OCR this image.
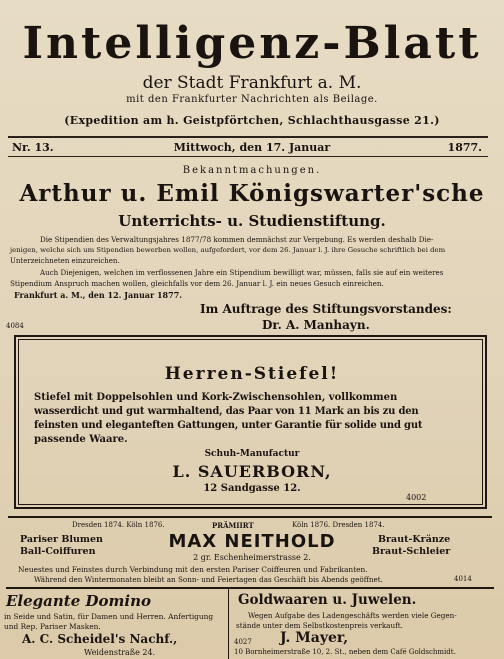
Intelligenz-Blatt
der Stadt Frankfurt a. M.
mit den Frankfurter Nachrichten als Beilage.
(Expedition am h. Geistpförtchen, Schlachthausgasse 21.)
Nr. 13.	Mittwoch, den 17. Januar	1877.
Bekanntmachungen.
Arthur u. Emil Königswarter'sche
Unterrichts- u. Studienstiftung.
Die Stipendien des Verwaltungsjahres 1877/78 kommen demnächst zur Vergebung. Es werden deshalb Die-
jenigen, welche sich um Stipendien bewerben wollen, aufgefordert, vor dem 26. Januar l. J. ihre Gesuche schriftlich bei dem
Unterzeichneten einzureichen.
Auch Diejenigen, welchen im verflossenen Jahre ein Stipendium bewilligt war, müssen, falls sie auf ein weiteres
Stipendium Anspruch machen wollen, gleichfalls vor dem 26. Januar l. J. ein neues Gesuch einreichen.
Frankfurt a. M., den 12. Januar 1877.
Im Auftrage des Stiftungsvorstandes:
Dr. A. Manhayn.
4084
Herren-Stiefel!
Stiefel mit Doppelsohlen und Kork-Zwischensohlen, vollkommen
wasserdicht und gut warmhaltend, das Paar von 11 Mark an bis zu den
feinsten und eleganteften Gattungen, unter Garantie für solide und gut
passende Waare.
Schuh-Manufactur
L. SAUERBORN,
12 Sandgasse 12.
4002
Dresden 1874. Köln 1876.	PRÄMIIRT	Köln 1876. Dresden 1874.
Pariser Blumen
Ball-Coiffuren	MAX NEITHOLD
2 gr. Eschenheimerstrasse 2.
Braut-Kränze
Braut-Schleier
Neuestes und Feinstes durch Verbindung mit den ersten Pariser Coiffeuren und Fabrikanten.
Während den Wintermonaten bleibt an Sonn- und Feiertagen das Geschäft bis Abends geöffnet.	4014
Elegante Domino
in Seide und Satin, für Damen und Herren. Anfertigung
und Rep. Pariser Masken.
A. C. Scheidel's Nachf.,
Weidenstraße 24.
Goldwaaren u. Juwelen.
Wegen Aufgabe des Ladengeschäfts werden viele Gegen-
stände unter dem Selbstkostenpreis verkauft.
4027 J. Mayer,
10 Bornheimerstraße 10, 2. St., neben dem Café Goldschmidt.
